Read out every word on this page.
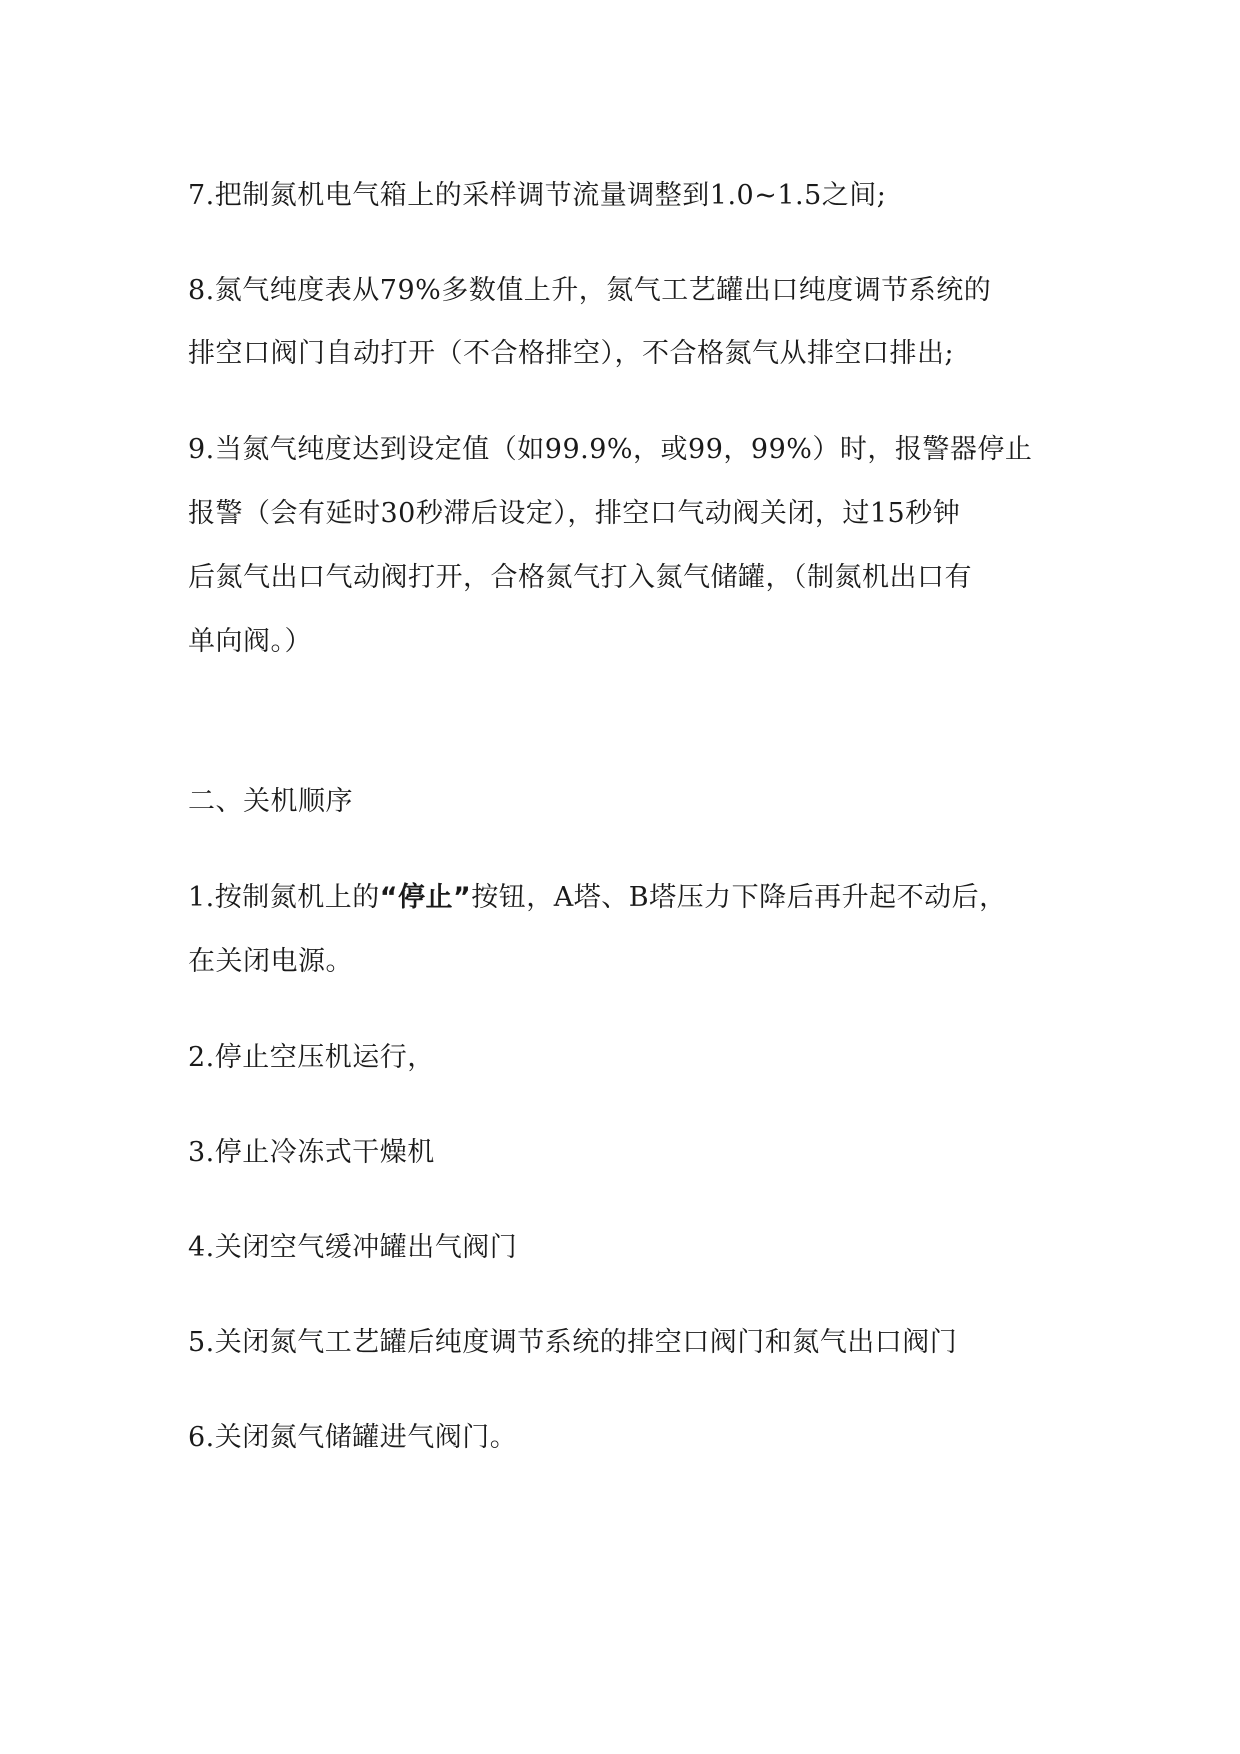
7.把制氮机电气箱上的采样调节流量调整到1.0~1.5之间;
8.氮气纯度表从79%多数值上升，氮气工艺罐出口纯度调节系统的
排空口阀门自动打开（不合格排空），不合格氮气从排空口排出;
9.当氮气纯度达到设定值（如99.9%，或99，99%）时，报警器停止
报警（会有延时30秒滞后设定），排空口气动阀关闭，过15秒钟
后氮气出口气动阀打开，合格氮气打入氮气储罐，（制氮机出口有
单向阀。）
二、关机顺序
1.按制氮机上的“停止”按钮，A塔、B塔压力下降后再升起不动后，
在关闭电源。
2.停止空压机运行，
3.停止冷冻式干燥机
4.关闭空气缓冲罐出气阀门
5.关闭氮气工艺罐后纯度调节系统的排空口阀门和氮气出口阀门
6.关闭氮气储罐进气阀门。
